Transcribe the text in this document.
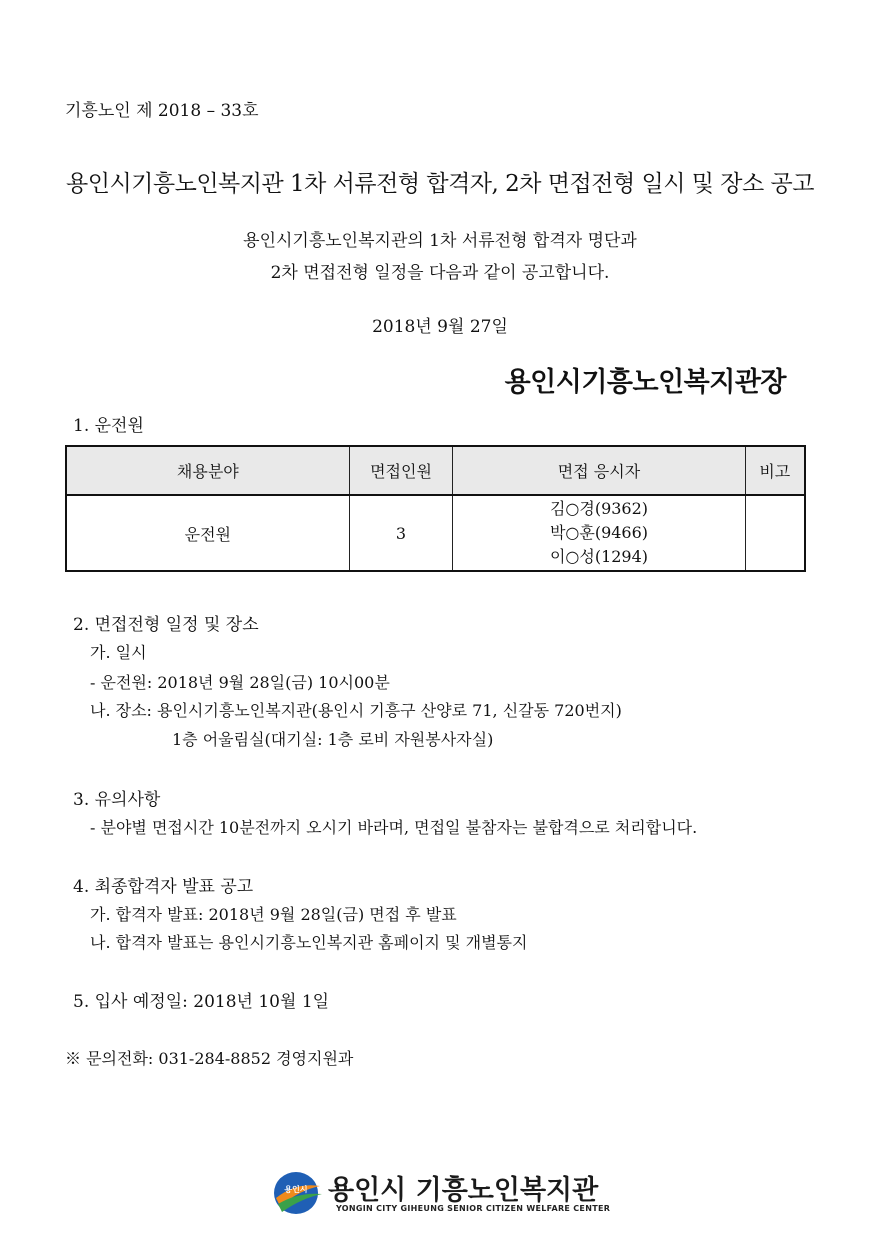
기흥노인 제 2018 – 33호
용인시기흥노인복지관 1차 서류전형 합격자, 2차 면접전형 일시 및 장소 공고
용인시기흥노인복지관의 1차 서류전형 합격자 명단과
2차 면접전형 일정을 다음과 같이 공고합니다.
2018년 9월 27일
용인시기흥노인복지관장
1. 운전원
채용분야	면접인원	면접 응시자	비고
운전원	3	김○경(9362)
박○훈(9466)
이○성(1294)	

2. 면접전형 일정 및 장소
가. 일시
- 운전원: 2018년 9월 28일(금) 10시00분
나. 장소: 용인시기흥노인복지관(용인시 기흥구 산양로 71, 신갈동 720번지)
1층 어울림실(대기실: 1층 로비 자원봉사자실)
3. 유의사항
- 분야별 면접시간 10분전까지 오시기 바라며, 면접일 불참자는 불합격으로 처리합니다.
4. 최종합격자 발표 공고
가. 합격자 발표: 2018년 9월 28일(금) 면접 후 발표
나. 합격자 발표는 용인시기흥노인복지관 홈페이지 및 개별통지
5. 입사 예정일: 2018년 10월 1일
※ 문의전화: 031-284-8852 경영지원과
용인시 용인시 기흥노인복지관
YONGIN CITY GIHEUNG SENIOR CITIZEN WELFARE CENTER
